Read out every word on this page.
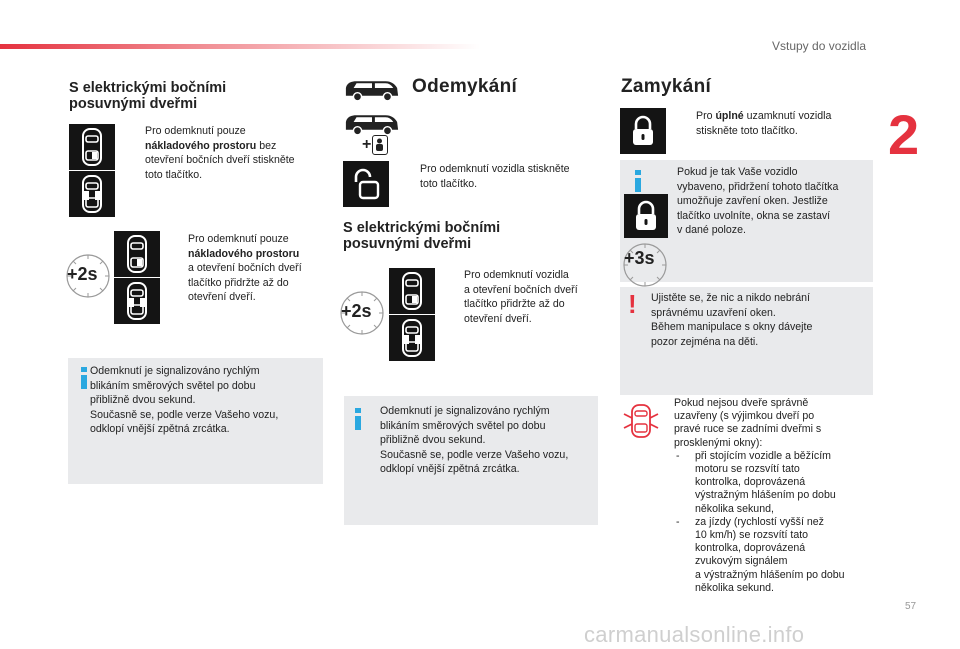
Vstupy do vozidla
2
S elektrickými bočními
posuvnými dveřmi
Pro odemknutí pouze
nákladového prostoru bez
otevření bočních dveří stiskněte
toto tlačítko.
+2s
Pro odemknutí pouze
nákladového prostoru
a otevření bočních dveří
tlačítko přidržte až do
otevření dveří.
Odemknutí je signalizováno rychlým
blikáním směrových světel po dobu
přibližně dvou sekund.
Současně se, podle verze Vašeho vozu,
odklopí vnější zpětná zrcátka.
Odemykání
+
Pro odemknutí vozidla stiskněte
toto tlačítko.
S elektrickými bočními
posuvnými dveřmi
+2s
Pro odemknutí vozidla
a otevření bočních dveří
tlačítko přidržte až do
otevření dveří.
Odemknutí je signalizováno rychlým
blikáním směrových světel po dobu
přibližně dvou sekund.
Současně se, podle verze Vašeho vozu,
odklopí vnější zpětná zrcátka.
Zamykání
Pro úplné uzamknutí vozidla
stiskněte toto tlačítko.
+3s
Pokud je tak Vaše vozidlo
vybaveno, přidržení tohoto tlačítka
umožňuje zavření oken. Jestliže
tlačítko uvolníte, okna se zastaví
v dané poloze.
! Ujistěte se, že nic a nikdo nebrání
správnému uzavření oken.
Během manipulace s okny dávejte
pozor zejména na děti.
Pokud nejsou dveře správně
uzavřeny (s výjimkou dveří po
pravé ruce se zadními dveřmi s
prosklenými okny):
- při stojícím vozidle a běžícím
motoru se rozsvítí tato
kontrolka, doprovázená
výstražným hlášením po dobu
několika sekund,
- za jízdy (rychlostí vyšší než
10 km/h) se rozsvítí tato
kontrolka, doprovázená
zvukovým signálem
a výstražným hlášením po dobu
několika sekund.
57
carmanualsonline.info
